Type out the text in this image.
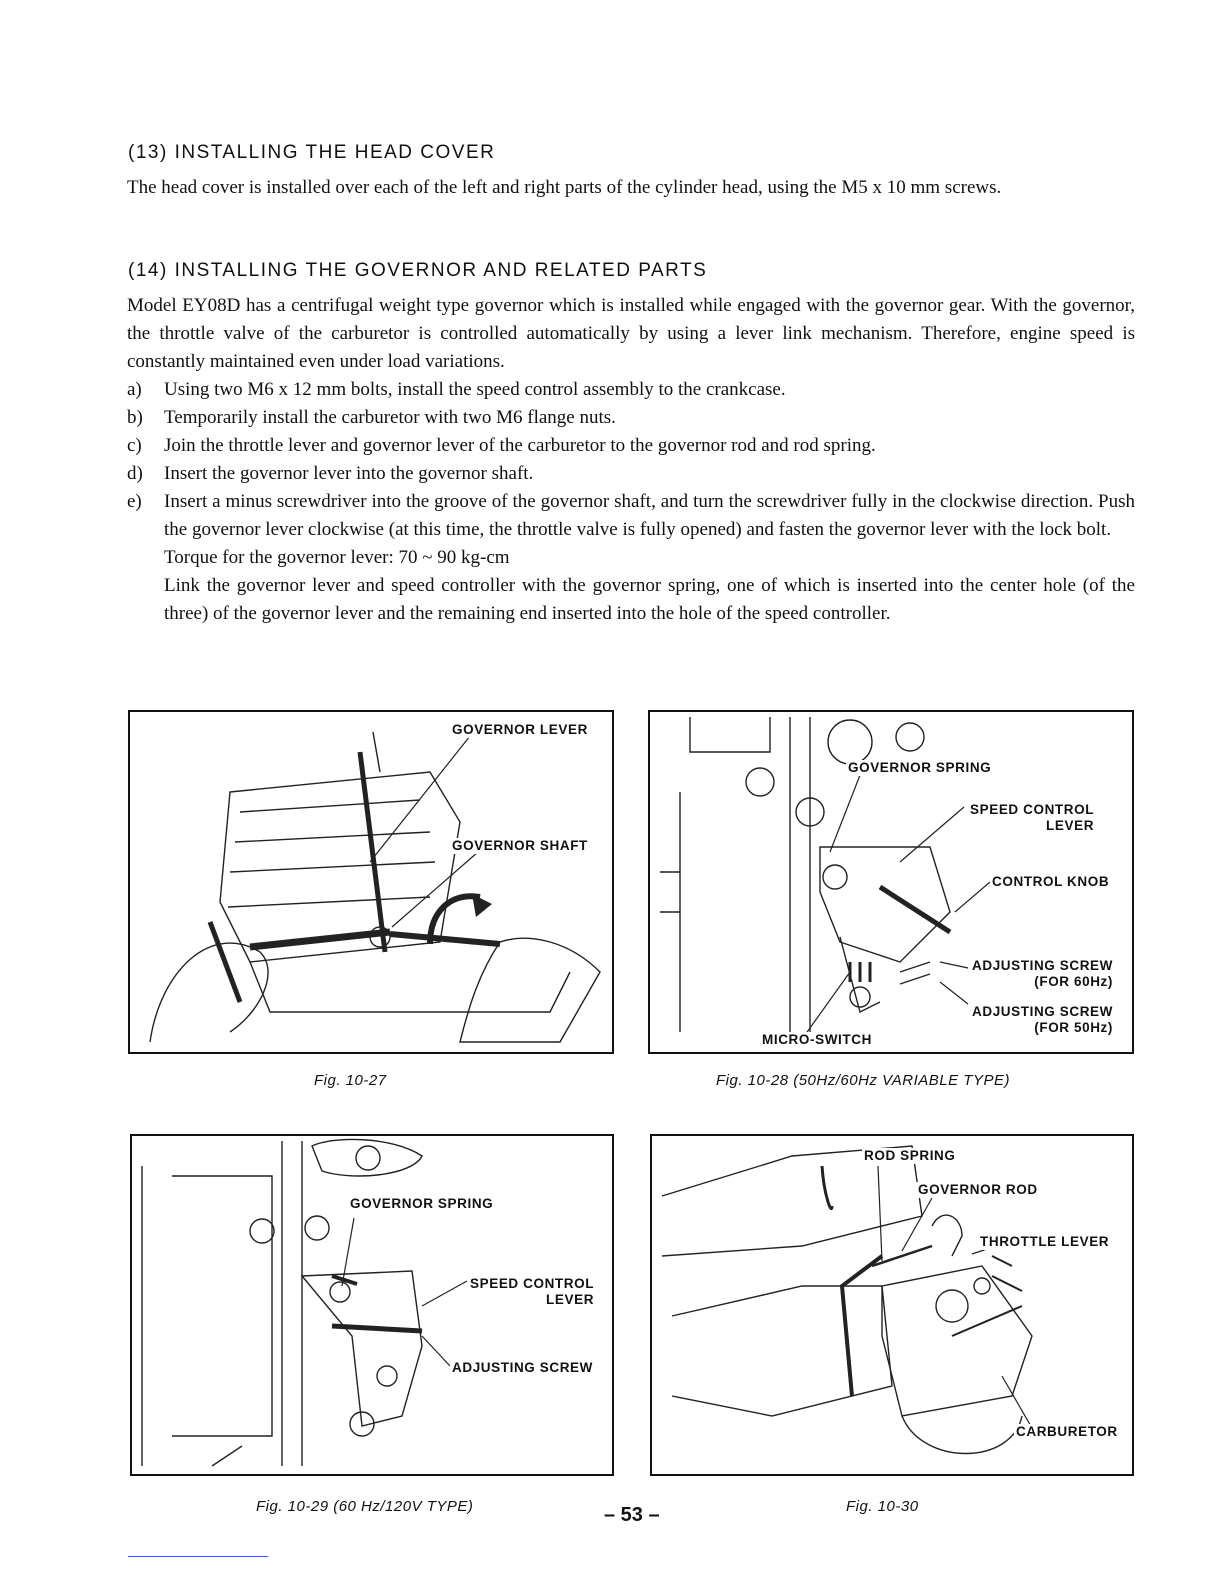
(13) INSTALLING THE HEAD COVER

The head cover is installed over each of the left and right parts of the cylinder head, using the M5 x 10 mm screws.

(14) INSTALLING THE GOVERNOR AND RELATED PARTS

Model EY08D has a centrifugal weight type governor which is installed while engaged with the governor gear. With the governor, the throttle valve of the carburetor is controlled automatically by using a lever link mechanism. Therefore, engine speed is constantly maintained even under load variations.

a) Using two M6 x 12 mm bolts, install the speed control assembly to the crankcase.
b) Temporarily install the carburetor with two M6 flange nuts.
c) Join the throttle lever and governor lever of the carburetor to the governor rod and rod spring.
d) Insert the governor lever into the governor shaft.
e) Insert a minus screwdriver into the groove of the governor shaft, and turn the screwdriver fully in the clockwise direction. Push the governor lever clockwise (at this time, the throttle valve is fully opened) and fasten the governor lever with the lock bolt.
Torque for the governor lever: 70 ~ 90 kg-cm
Link the governor lever and speed controller with the governor spring, one of which is inserted into the center hole (of the three) of the governor lever and the remaining end inserted into the hole of the speed controller.
GOVERNOR LEVER
GOVERNOR SHAFT
GOVERNOR SPRING
SPEED CONTROL
LEVER
CONTROL KNOB
ADJUSTING SCREW
(FOR 60Hz)
ADJUSTING SCREW
(FOR 50Hz)
MICRO-SWITCH
Fig. 10-27	Fig. 10-28 (50Hz/60Hz VARIABLE TYPE)
GOVERNOR SPRING
SPEED CONTROL
LEVER
ADJUSTING SCREW
ROD SPRING
GOVERNOR ROD
THROTTLE LEVER
CARBURETOR
Fig. 10-29 (60 Hz/120V TYPE)	– 53 –	Fig. 10-30
